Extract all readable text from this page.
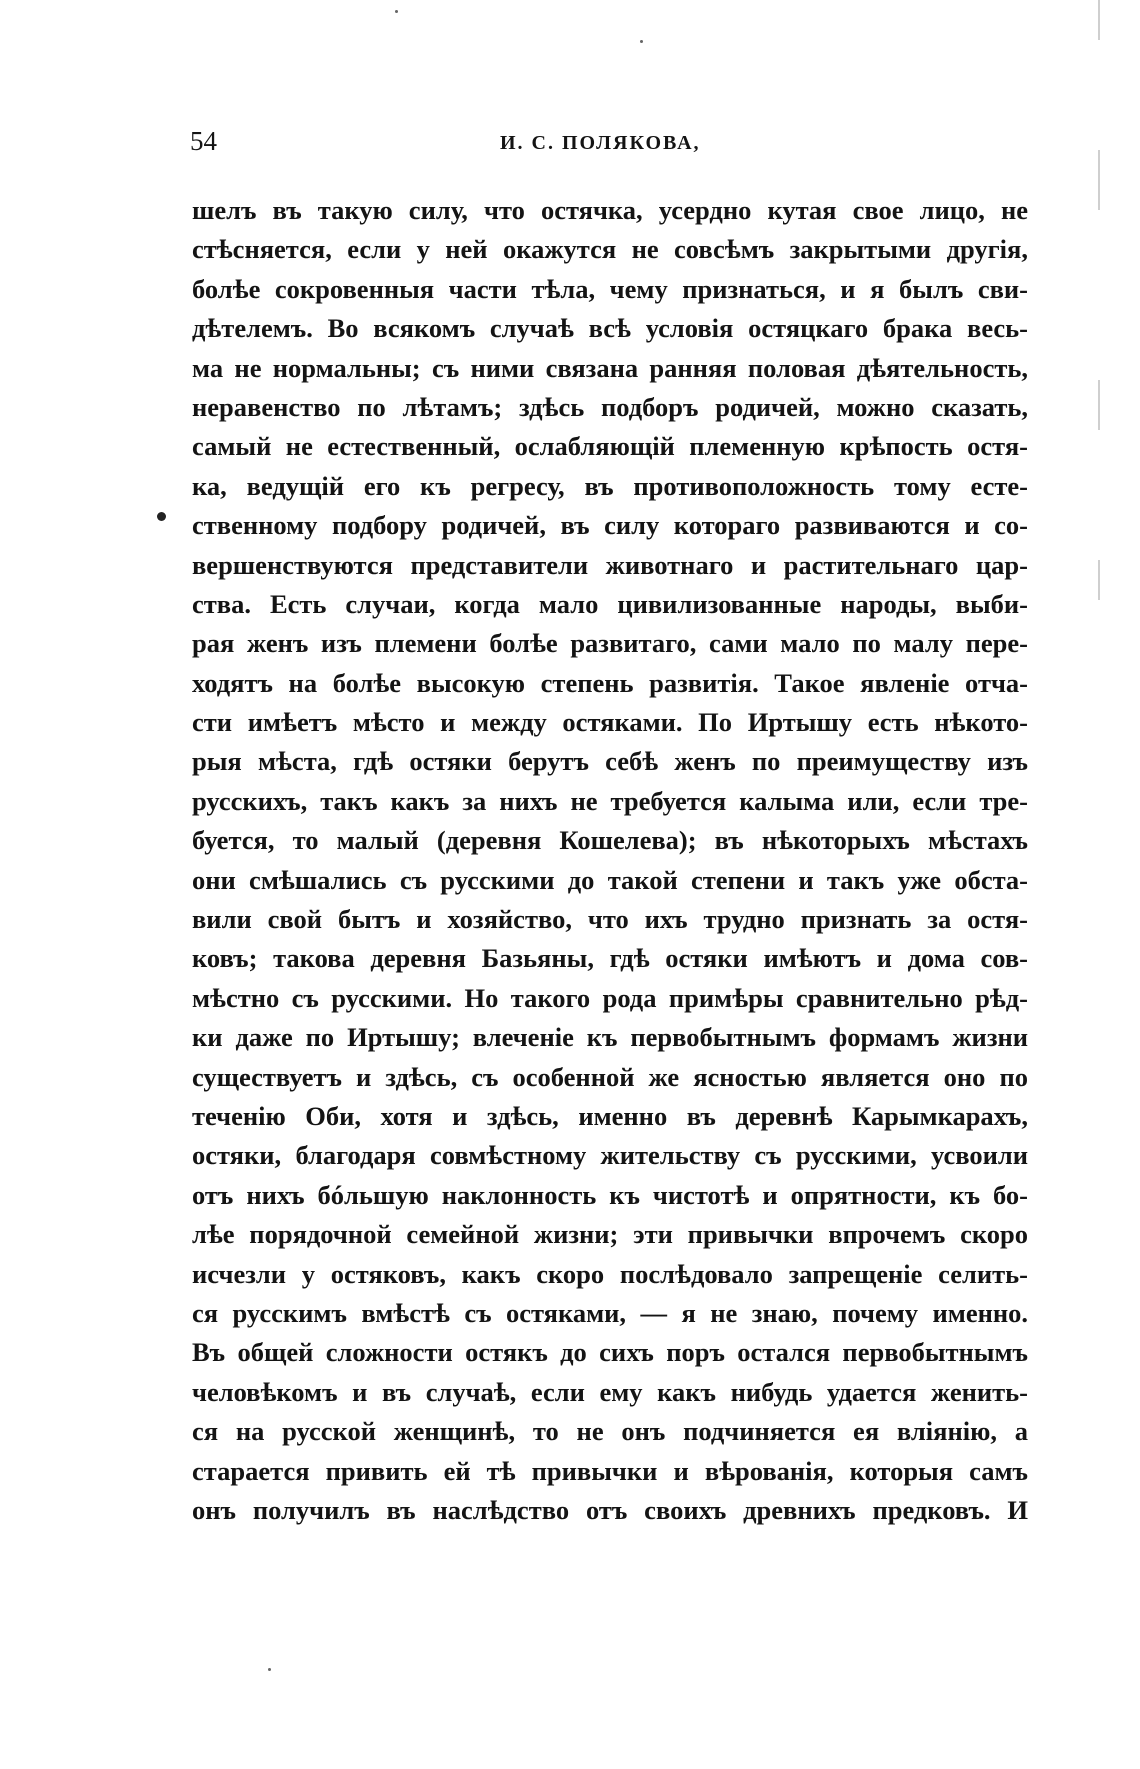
54	И. С. ПОЛЯКОВА,
шелъ въ такую силу, что остячка, усердно кутая свое лицо, не
стѣсняется, если у ней окажутся не совсѣмъ закрытыми другія,
болѣе сокровенныя части тѣла, чему признаться, и я былъ сви-
дѣтелемъ. Во всякомъ случаѣ всѣ условія остяцкаго брака весь-
ма не нормальны; съ ними связана ранняя половая дѣятельность,
неравенство по лѣтамъ; здѣсь подборъ родичей, можно сказать,
самый не естественный, ослабляющій племенную крѣпость остя-
ка, ведущій его къ регресу, въ противоположность тому есте-
ственному подбору родичей, въ силу котораго развиваются и со-
вершенствуются представители животнаго и растительнаго цар-
ства. Есть случаи, когда мало цивилизованные народы, выби-
рая женъ изъ племени болѣе развитаго, сами мало по малу пере-
ходятъ на болѣе высокую степень развитія. Такое явленіе отча-
сти имѣетъ мѣсто и между остяками. По Иртышу есть нѣкото-
рыя мѣста, гдѣ остяки берутъ себѣ женъ по преимуществу изъ
русскихъ, такъ какъ за нихъ не требуется калыма или, если тре-
буется, то малый (деревня Кошелева); въ нѣкоторыхъ мѣстахъ
они смѣшались съ русскими до такой степени и такъ уже обста-
вили свой бытъ и хозяйство, что ихъ трудно признать за остя-
ковъ; такова деревня Базьяны, гдѣ остяки имѣютъ и дома сов-
мѣстно съ русскими. Но такого рода примѣры сравнительно рѣд-
ки даже по Иртышу; влеченіе къ первобытнымъ формамъ жизни
существуетъ и здѣсь, съ особенной же ясностью является оно по
теченію Оби, хотя и здѣсь, именно въ деревнѣ Карымкарахъ,
остяки, благодаря совмѣстному жительству съ русскими, усвоили
отъ нихъ бóльшую наклонность къ чистотѣ и опрятности, къ бо-
лѣе порядочной семейной жизни; эти привычки впрочемъ скоро
исчезли у остяковъ, какъ скоро послѣдовало запрещеніе селить-
ся русскимъ вмѣстѣ съ остяками, — я не знаю, почему именно.
Въ общей сложности остякъ до сихъ поръ остался первобытнымъ
человѣкомъ и въ случаѣ, если ему какъ нибудь удается женить-
ся на русской женщинѣ, то не онъ подчиняется ея вліянію, а
старается привить ей тѣ привычки и вѣрованія, которыя самъ
онъ получилъ въ наслѣдство отъ своихъ древнихъ предковъ. И
